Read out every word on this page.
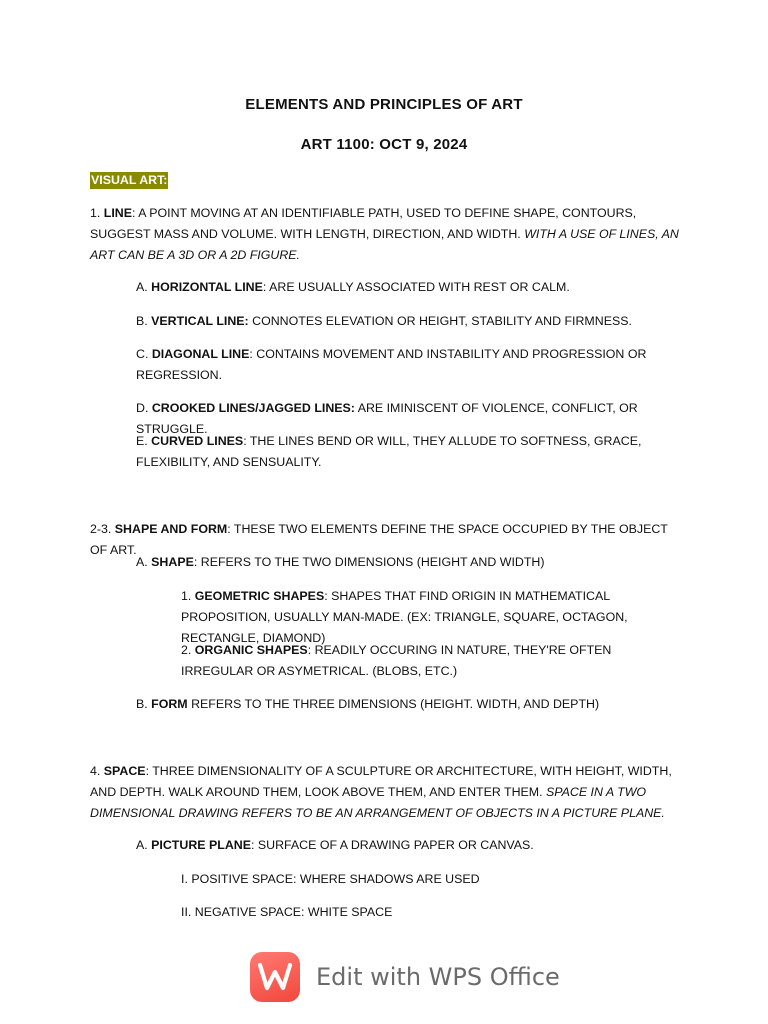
ELEMENTS AND PRINCIPLES OF ART
ART 1100: OCT 9, 2024
VISUAL ART:
1. LINE: A POINT MOVING AT AN IDENTIFIABLE PATH, USED TO DEFINE SHAPE, CONTOURS, SUGGEST MASS AND VOLUME. WITH LENGTH, DIRECTION, AND WIDTH. WITH A USE OF LINES, AN ART CAN BE A 3D OR A 2D FIGURE.
A. HORIZONTAL LINE: ARE USUALLY ASSOCIATED WITH REST OR CALM.
B. VERTICAL LINE: CONNOTES ELEVATION OR HEIGHT, STABILITY AND FIRMNESS.
C. DIAGONAL LINE: CONTAINS MOVEMENT AND INSTABILITY AND PROGRESSION OR REGRESSION.
D. CROOKED LINES/JAGGED LINES: ARE IMINISCENT OF VIOLENCE, CONFLICT, OR STRUGGLE.
E. CURVED LINES: THE LINES BEND OR WILL, THEY ALLUDE TO SOFTNESS, GRACE, FLEXIBILITY, AND SENSUALITY.
2-3. SHAPE AND FORM: THESE TWO ELEMENTS DEFINE THE SPACE OCCUPIED BY THE OBJECT OF ART.
A. SHAPE: REFERS TO THE TWO DIMENSIONS (HEIGHT AND WIDTH)
1. GEOMETRIC SHAPES: SHAPES THAT FIND ORIGIN IN MATHEMATICAL PROPOSITION, USUALLY MAN-MADE. (EX: TRIANGLE, SQUARE, OCTAGON, RECTANGLE, DIAMOND)
2. ORGANIC SHAPES: READILY OCCURING IN NATURE, THEY'RE OFTEN IRREGULAR OR ASYMETRICAL. (BLOBS, ETC.)
B. FORM REFERS TO THE THREE DIMENSIONS (HEIGHT. WIDTH, AND DEPTH)
4. SPACE: THREE DIMENSIONALITY OF A SCULPTURE OR ARCHITECTURE, WITH HEIGHT, WIDTH, AND DEPTH. WALK AROUND THEM, LOOK ABOVE THEM, AND ENTER THEM. SPACE IN A TWO DIMENSIONAL DRAWING REFERS TO BE AN ARRANGEMENT OF OBJECTS IN A PICTURE PLANE.
A. PICTURE PLANE: SURFACE OF A DRAWING PAPER OR CANVAS.
I. POSITIVE SPACE: WHERE SHADOWS ARE USED
II. NEGATIVE SPACE: WHITE SPACE
Edit with WPS Office
